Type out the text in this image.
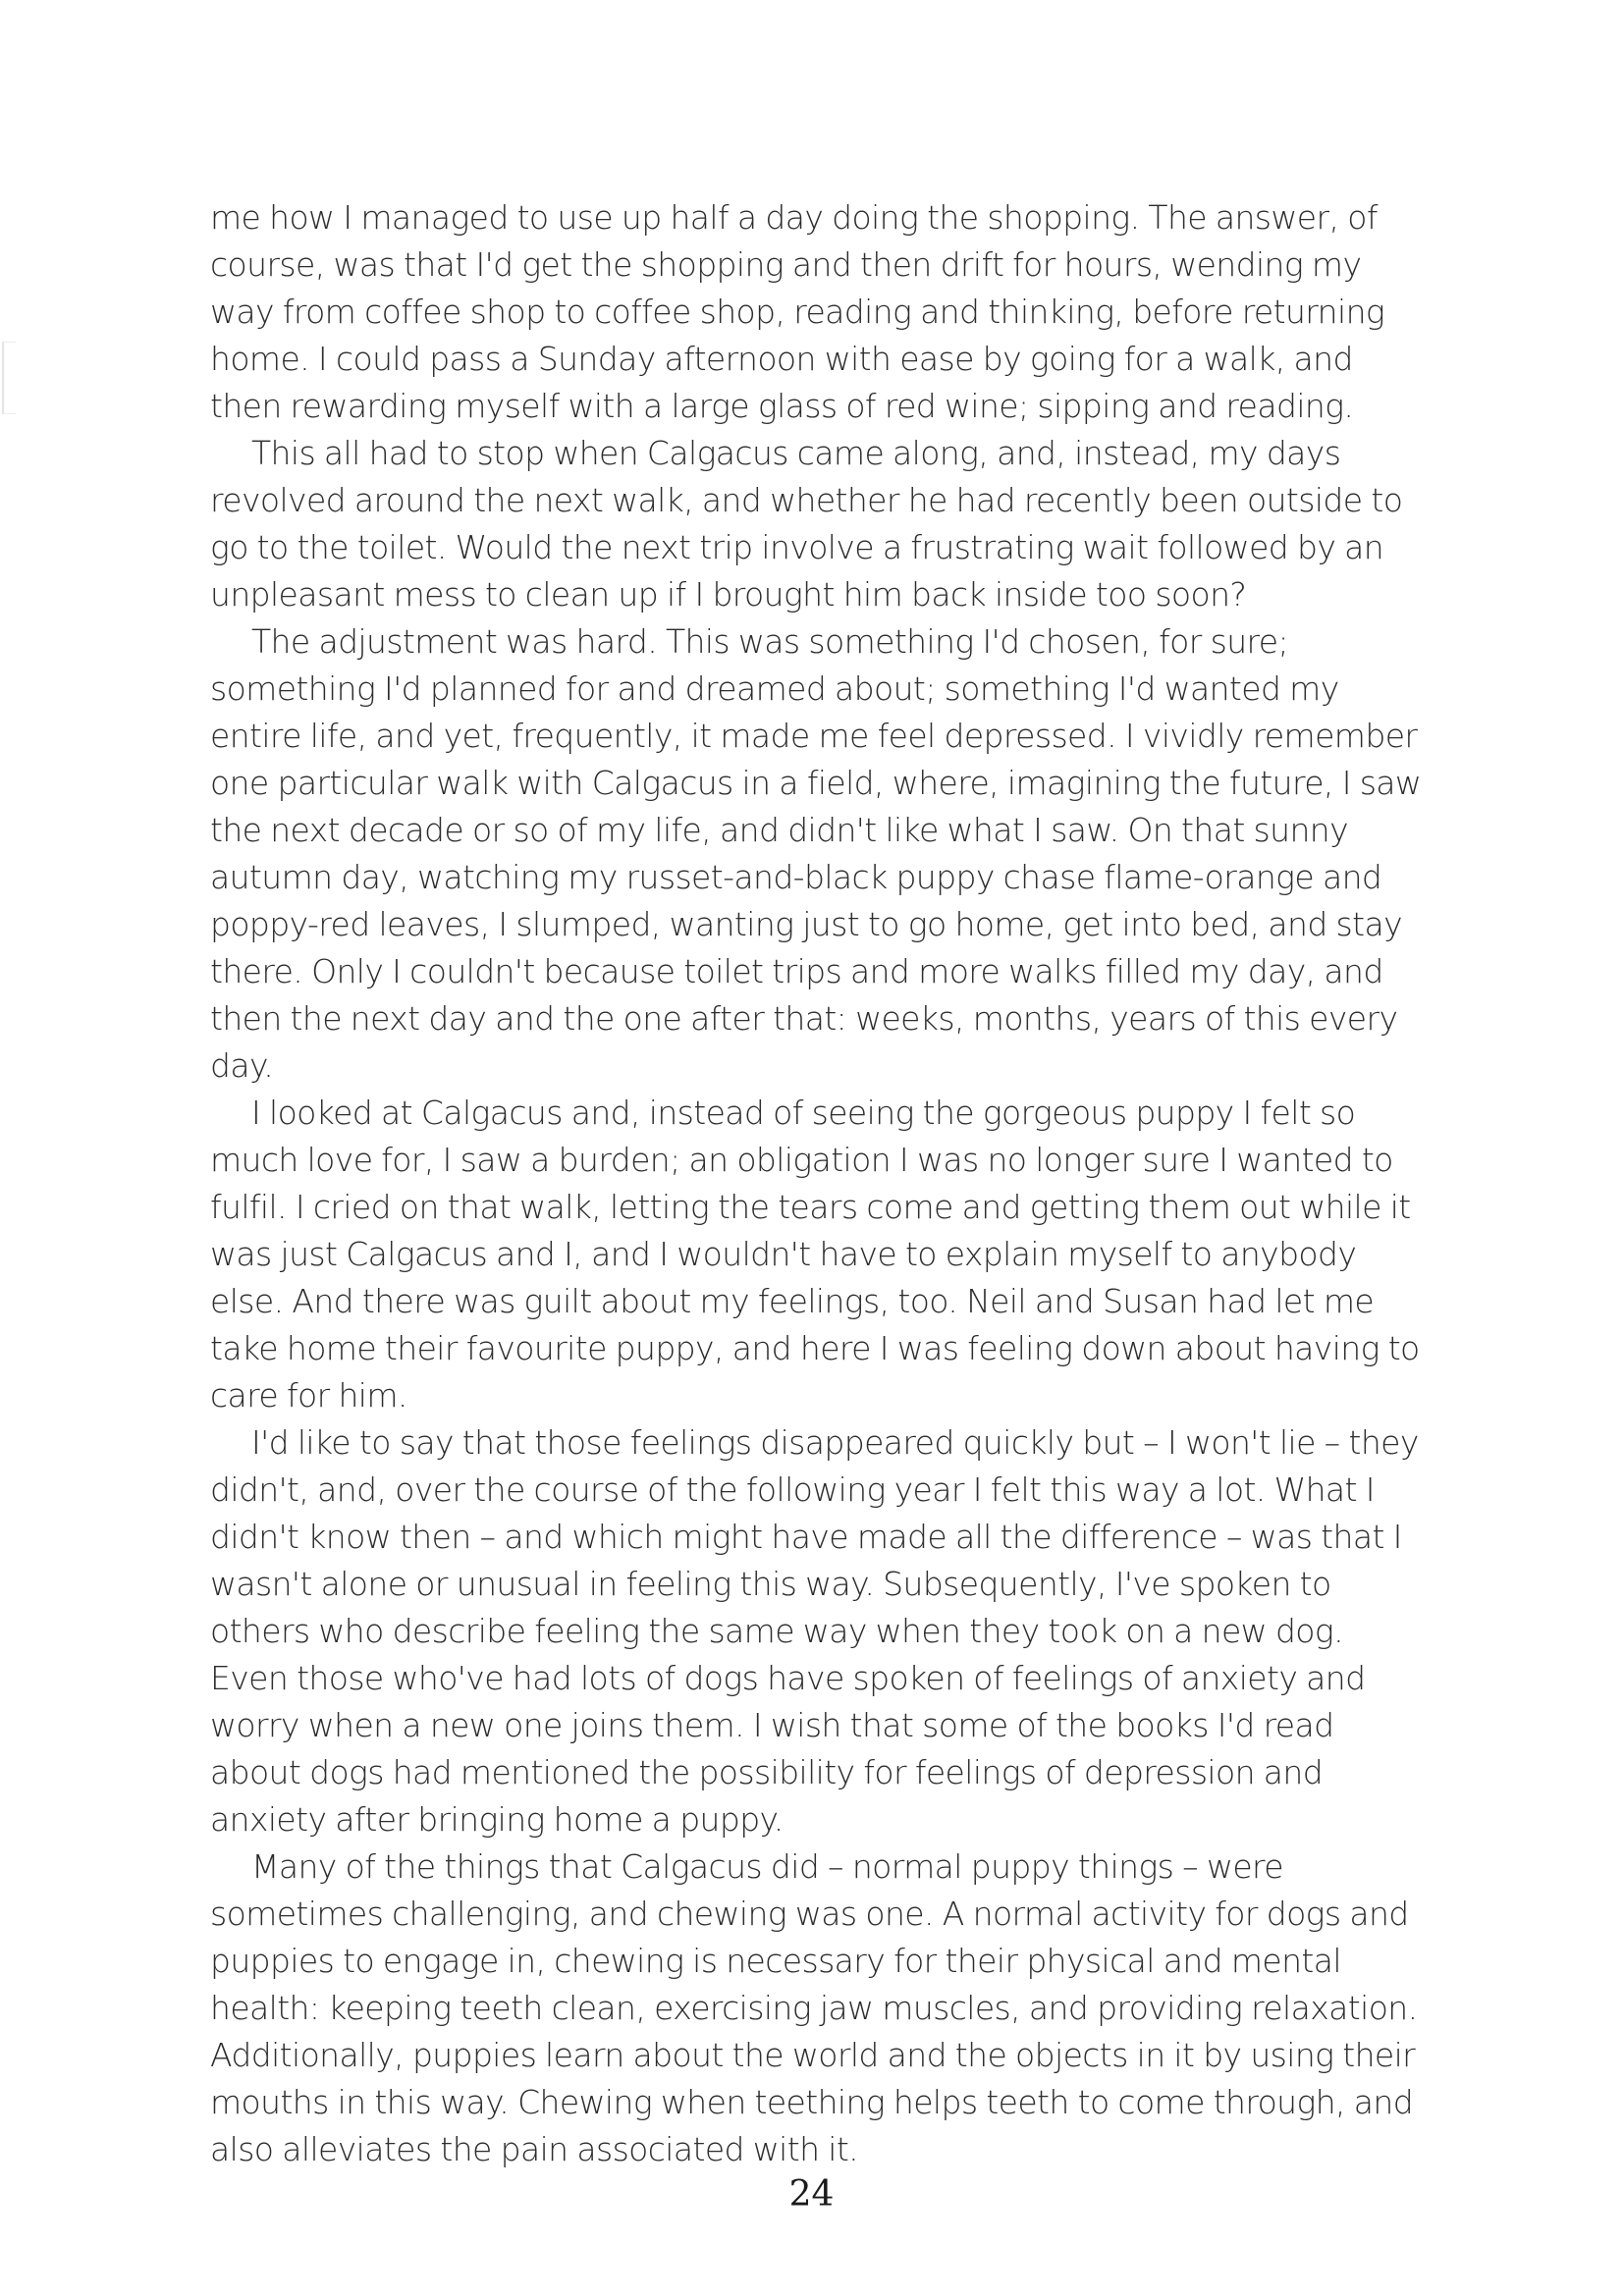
me how I managed to use up half a day doing the shopping. The answer, of course, was that I'd get the shopping and then drift for hours, wending my way from coffee shop to coffee shop, reading and thinking, before returning home. I could pass a Sunday afternoon with ease by going for a walk, and then rewarding myself with a large glass of red wine; sipping and reading.

This all had to stop when Calgacus came along, and, instead, my days revolved around the next walk, and whether he had recently been outside to go to the toilet. Would the next trip involve a frustrating wait followed by an unpleasant mess to clean up if I brought him back inside too soon?

The adjustment was hard. This was something I'd chosen, for sure; something I'd planned for and dreamed about; something I'd wanted my entire life, and yet, frequently, it made me feel depressed. I vividly remember one particular walk with Calgacus in a field, where, imagining the future, I saw the next decade or so of my life, and didn't like what I saw. On that sunny autumn day, watching my russet-and-black puppy chase flame-orange and poppy-red leaves, I slumped, wanting just to go home, get into bed, and stay there. Only I couldn't because toilet trips and more walks filled my day, and then the next day and the one after that: weeks, months, years of this every day.

I looked at Calgacus and, instead of seeing the gorgeous puppy I felt so much love for, I saw a burden; an obligation I was no longer sure I wanted to fulfil. I cried on that walk, letting the tears come and getting them out while it was just Calgacus and I, and I wouldn't have to explain myself to anybody else. And there was guilt about my feelings, too. Neil and Susan had let me take home their favourite puppy, and here I was feeling down about having to care for him.

I'd like to say that those feelings disappeared quickly but – I won't lie – they didn't, and, over the course of the following year I felt this way a lot. What I didn't know then – and which might have made all the difference – was that I wasn't alone or unusual in feeling this way. Subsequently, I've spoken to others who describe feeling the same way when they took on a new dog. Even those who've had lots of dogs have spoken of feelings of anxiety and worry when a new one joins them. I wish that some of the books I'd read about dogs had mentioned the possibility for feelings of depression and anxiety after bringing home a puppy.

Many of the things that Calgacus did – normal puppy things – were sometimes challenging, and chewing was one. A normal activity for dogs and puppies to engage in, chewing is necessary for their physical and mental health: keeping teeth clean, exercising jaw muscles, and providing relaxation. Additionally, puppies learn about the world and the objects in it by using their mouths in this way. Chewing when teething helps teeth to come through, and also alleviates the pain associated with it.

24
